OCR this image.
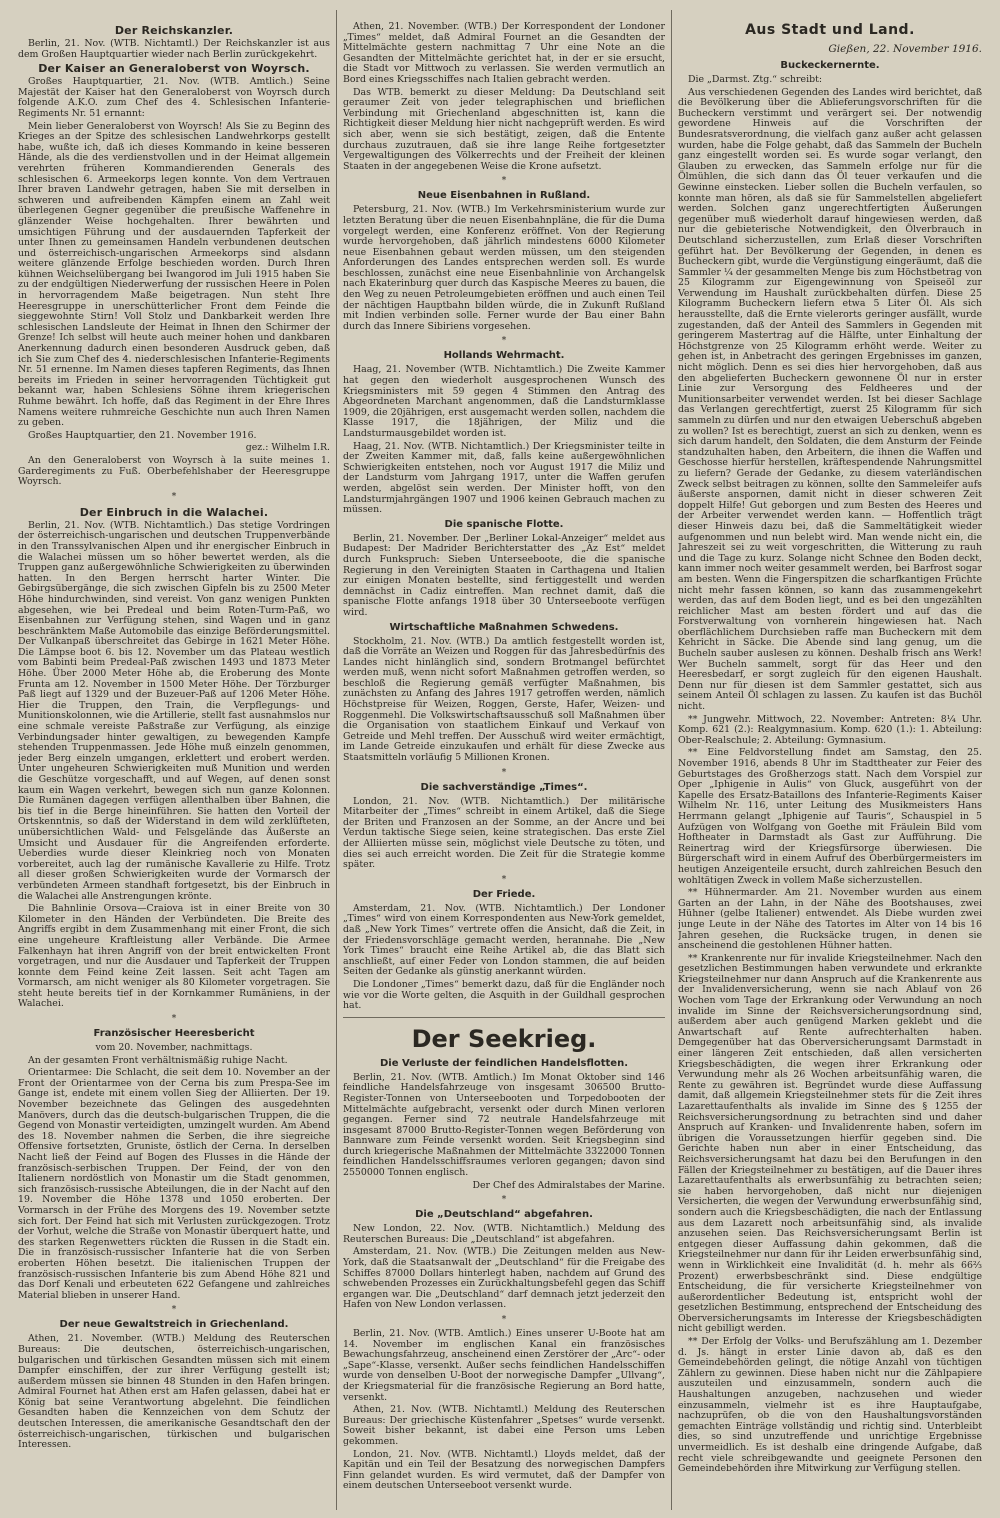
Der Reichskanzler.

Berlin, 21. Nov. (WTB. Nichtamtl.) Der Reichskanzler ist aus dem Großen Hauptquartier wieder nach Berlin zurückgekehrt.

Der Kaiser an Generaloberst von Woyrsch.

Großes Hauptquartier, 21. Nov. (WTB. Amtlich.) Seine Majestät der Kaiser hat den Generaloberst von Woyrsch durch folgende A.K.O. zum Chef des 4. Schlesischen Infanterie-Regiments Nr. 51 ernannt:

Mein lieber Generaloberst von Woyrsch! Als Sie zu Beginn des Krieges an der Spitze des schlesischen Landwehrkorps gestellt habe, wußte ich, daß ich dieses Kommando in keine besseren Hände, als die des verdienstvollen und in der Heimat allgemein verehrten früheren Kommandierenden Generals des schlesischen 6. Armeekorps legen konnte. Von dem Vertrauen Ihrer braven Landwehr getragen, haben Sie mit derselben in schweren und aufreibenden Kämpfen einem an Zahl weit überlegenen Gegner gegenüber die preußische Waffenehre in glänzender Weise hochgehalten. Ihrer bewährten und umsichtigen Führung und der ausdauernden Tapferkeit der unter Ihnen zu gemeinsamen Handeln verbundenen deutschen und österreichisch-ungarischen Armeekorps sind alsdann weitere glänzende Erfolge beschieden worden. Durch Ihren kühnen Weichselübergang bei Iwangorod im Juli 1915 haben Sie zu der endgültigen Niederwerfung der russischen Heere in Polen in hervorragendem Maße beigetragen. Nun steht Ihre Heeresgruppe in unerschütterlicher Front dem Feinde die sieggewohnte Stirn! Voll Stolz und Dankbarkeit werden Ihre schlesischen Landsleute der Heimat in Ihnen den Schirmer der Grenze! Ich selbst will heute auch meiner hohen und dankbaren Anerkennung dadurch einen besonderen Ausdruck geben, daß ich Sie zum Chef des 4. niederschlesischen Infanterie-Regiments Nr. 51 ernenne. Im Namen dieses tapferen Regiments, das Ihnen bereits im Frieden in seiner hervorragenden Tüchtigkeit gut bekannt war, haben Schlesiens Söhne ihrem kriegerischen Ruhme bewährt. Ich hoffe, daß das Regiment in der Ehre Ihres Namens weitere ruhmreiche Geschichte nun auch Ihren Namen zu geben.

Großes Hauptquartier, den 21. November 1916.

gez.: Wilhelm I.R.

An den Generaloberst von Woyrsch à la suite meines 1. Garderegiments zu Fuß. Oberbefehlshaber der Heeresgruppe Woyrsch.

*
Der Einbruch in die Walachei.

Berlin, 21. Nov. (WTB. Nichtamtlich.) Das stetige Vordringen der österreichisch-ungarischen und deutschen Truppenverbände in den Transsylvanischen Alpen und ihr energischer Einbruch in die Walachei müssen um so höher bewertet werden, als die Truppen ganz außergewöhnliche Schwierigkeiten zu überwinden hatten. In den Bergen herrscht harter Winter. Die Gebirgsübergänge, die sich zwischen Gipfeln bis zu 2500 Meter Höhe hindurchwinden, sind vereist. Von ganz wenigen Punkten abgesehen, wie bei Predeal und beim Roten-Turm-Paß, wo Eisenbahnen zur Verfügung stehen, sind Wagen und in ganz beschränktem Maße Automobile das einzige Beförderungsmittel. Der Vulkanpaß überschreitet das Gebirge in 1621 Meter Höhe. Die Lämpse boot 6. bis 12. November um das Plateau westlich vom Babinti beim Predeal-Paß zwischen 1493 und 1873 Meter Höhe. Über 2000 Meter Höhe ab, die Eroberung des Monte Frunta am 12. November in 1500 Meter Höhe. Der Törzburger Paß liegt auf 1329 und der Buzeuer-Paß auf 1206 Meter Höhe. Hier die Truppen, den Train, die Verpflegungs- und Munitionskolonnen, wie die Artillerie, stellt fast ausnahmslos nur eine schmale vereiste Paßstraße zur Verfügung, als einzige Verbindungsader hinter gewaltigen, zu bewegenden Kampfe stehenden Truppenmassen. Jede Höhe muß einzeln genommen, jeder Berg einzeln umgangen, erklettert und erobert werden. Unter ungeheuren Schwierigkeiten muß Munition und werden die Geschütze vorgeschafft, und auf Wegen, auf denen sonst kaum ein Wagen verkehrt, bewegen sich nun ganze Kolonnen. Die Rumänen dagegen verfügen allenthalben über Bahnen, die bis tief in die Berge hineinführen. Sie hatten den Vorteil der Ortskenntnis, so daß der Widerstand in dem wild zerklüfteten, unübersichtlichen Wald- und Felsgelände das Äußerste an Umsicht und Ausdauer für die Angreifenden erforderte. Ueberdies wurde dieser Kleinkrieg noch von Monaten vorbereitet, auch lag der rumänische Kavallerie zu Hilfe. Trotz all dieser großen Schwierigkeiten wurde der Vormarsch der verbündeten Armeen standhaft fortgesetzt, bis der Einbruch in die Walachei alle Anstrengungen krönte.

Die Bahnlinie Orsova—Craiova ist in einer Breite von 30 Kilometer in den Händen der Verbündeten. Die Breite des Angriffs ergibt in dem Zusammenhang mit einer Front, die sich eine ungeheure Kraftleistung aller Verbände. Die Armee Falkenhayn hat ihren Angriff von der breit entwickelten Front vorgetragen, und nur die Ausdauer und Tapferkeit der Truppen konnte dem Feind keine Zeit lassen. Seit acht Tagen am Vormarsch, am nicht weniger als 80 Kilometer vorgetragen. Sie steht heute bereits tief in der Kornkammer Rumäniens, in der Walachei.

*
Französischer Heeresbericht

vom 20. November, nachmittags.

An der gesamten Front verhältnismäßig ruhige Nacht.

Orientarmee: Die Schlacht, die seit dem 10. November an der Front der Orientarmee von der Cerna bis zum Prespa-See im Gange ist, endete mit einem vollen Sieg der Alliierten. Der 19. November bezeichnete das Gelingen des ausgedehnten Manövers, durch das die deutsch-bulgarischen Truppen, die die Gegend von Monastir verteidigten, umzingelt wurden. Am Abend des 18. November nahmen die Serben, die ihre siegreiche Offensive fortsetzten, Gruniste, östlich der Cerna. In derselben Nacht ließ der Feind auf Bogen des Flusses in die Hände der französisch-serbischen Truppen. Der Feind, der von den Italienern nordöstlich von Monastir um die Stadt genommen, sich französisch-russische Abteilungen, die in der Nacht auf den 19. November die Höhe 1378 und 1050 eroberten. Der Vormarsch in der Frühe des Morgens des 19. November setzte sich fort. Der Feind hat sich mit Verlusten zurückgezogen. Trotz der Vorhut, welche die Straße von Monastir überquert hatte, und des starken Regenwetters rückten die Russen in die Stadt ein. Die in französisch-russischer Infanterie hat die von Serben eroberten Höhen besetzt. Die italienischen Truppen der französisch-russischen Infanterie bis zum Abend Höhe 821 und das Dorf Kenali und erbeuteten 622 Gefangene und zahlreiches Material blieben in unserer Hand.

*
Der neue Gewaltstreich in Griechenland.

Athen, 21. November. (WTB.) Meldung des Reuterschen Bureaus: Die deutschen, österreichisch-ungarischen, bulgarischen und türkischen Gesandten müssen sich mit einem Dampfer einschiffen, der zur ihrer Verfügung gestellt ist; außerdem müssen sie binnen 48 Stunden in den Hafen bringen. Admiral Fournet hat Athen erst am Hafen gelassen, dabei hat er König bat seine Verantwortung abgelehnt. Die feindlichen Gesandten haben die Kennzeichen von dem Schutz der deutschen Interessen, die amerikanische Gesandtschaft den der österreichisch-ungarischen, türkischen und bulgarischen Interessen.

Athen, 21. November. (WTB.) Der Korrespondent der Londoner „Times“ meldet, daß Admiral Fournet an die Gesandten der Mittelmächte gestern nachmittag 7 Uhr eine Note an die Gesandten der Mittelmächte gerichtet hat, in der er sie ersucht, die Stadt vor Mittwoch zu verlassen. Sie werden vermutlich an Bord eines Kriegsschiffes nach Italien gebracht werden.

Das WTB. bemerkt zu dieser Meldung: Da Deutschland seit geraumer Zeit von jeder telegraphischen und brieflichen Verbindung mit Griechenland abgeschnitten ist, kann die Richtigkeit dieser Meldung hier nicht nachgeprüft werden. Es wird sich aber, wenn sie sich bestätigt, zeigen, daß die Entente durchaus zuzutrauen, daß sie ihre lange Reihe fortgesetzter Vergewaltigungen des Völkerrechts und der Freiheit der kleinen Staaten in der angegebenen Weise die Krone aufsetzt.

*
Neue Eisenbahnen in Rußland.

Petersburg, 21. Nov. (WTB.) Im Verkehrsministerium wurde zur letzten Beratung über die neuen Eisenbahnpläne, die für die Duma vorgelegt werden, eine Konferenz eröffnet. Von der Regierung wurde hervorgehoben, daß jährlich mindestens 6000 Kilometer neue Eisenbahnen gebaut werden müssen, um den steigenden Anforderungen des Landes entsprechen werden soll. Es wurde beschlossen, zunächst eine neue Eisenbahnlinie von Archangelsk nach Ekaterinburg quer durch das Kaspische Meeres zu bauen, die den Weg zu neuen Petroleumgebieten eröffnen und auch einen Teil der nächtigen Hauptbahn bilden würde, die in Zukunft Rußland mit Indien verbinden solle. Ferner wurde der Bau einer Bahn durch das Innere Sibiriens vorgesehen.

*
Hollands Wehrmacht.

Haag, 21. November (WTB. Nichtamtlich.) Die Zweite Kammer hat gegen den wiederholt ausgesprochenen Wunsch des Kriegsministers mit 59 gegen 4 Stimmen den Antrag des Abgeordneten Marchant angenommen, daß die Landsturmklasse 1909, die 20jährigen, erst ausgemacht werden sollen, nachdem die Klasse 1917, die 18jährigen, der Miliz und die Landsturmausgebildet worden ist.

Haag, 21. Nov. (WTB. Nichtamtlich.) Der Kriegsminister teilte in der Zweiten Kammer mit, daß, falls keine außergewöhnlichen Schwierigkeiten entstehen, noch vor August 1917 die Miliz und der Landsturm vom Jahrgang 1917, unter die Waffen gerufen werden, abgelöst sein werden. Der Minister hofft, von den Landsturmjahrgängen 1907 und 1906 keinen Gebrauch machen zu müssen.

Die spanische Flotte.

Berlin, 21. November. Der „Berliner Lokal-Anzeiger“ meldet aus Budapest: Der Madrider Berichterstatter des „Az Est“ meldet durch Funkspruch: Sieben Unterseeboote, die die spanische Regierung in den Vereinigten Staaten in Carthagena und Italien zur einigen Monaten bestellte, sind fertiggestellt und werden demnächst in Cadiz eintreffen. Man rechnet damit, daß die spanische Flotte anfangs 1918 über 30 Unterseeboote verfügen wird.

Wirtschaftliche Maßnahmen Schwedens.

Stockholm, 21. Nov. (WTB.) Da amtlich festgestellt worden ist, daß die Vorräte an Weizen und Roggen für das Jahresbedürfnis des Landes nicht hinlänglich sind, sondern Brotmangel befürchtet werden muß, wenn nicht sofort Maßnahmen getroffen werden, so beschloß die Regierung gemäß verfügter Maßnahmen, bis zunächsten zu Anfang des Jahres 1917 getroffen werden, nämlich Höchstpreise für Weizen, Roggen, Gerste, Hafer, Weizen- und Roggenmehl. Die Volkswirtschaftsausschuß soll Maßnahmen über die Organisation von staatlichem Einkauf und Verkauf von Getreide und Mehl treffen. Der Ausschuß wird weiter ermächtigt, im Lande Getreide einzukaufen und erhält für diese Zwecke aus Staatsmitteln vorläufig 5 Millionen Kronen.

*
Die sachverständige „Times“.

London, 21. Nov. (WTB. Nichtamtlich.) Der militärische Mitarbeiter der „Times“ schreibt in einem Artikel, daß die Siege der Briten und Franzosen an der Somme, an der Ancre und bei Verdun taktische Siege seien, keine strategischen. Das erste Ziel der Alliierten müsse sein, möglichst viele Deutsche zu töten, und dies sei auch erreicht worden. Die Zeit für die Strategie komme später.

*
Der Friede.

Amsterdam, 21. Nov. (WTB. Nichtamtlich.) Der Londoner „Times“ wird von einem Korrespondenten aus New-York gemeldet, daß „New York Times“ vertrete offen die Ansicht, daß die Zeit, in der Friedensvorschläge gemacht werden, herannahe. Die „New York Times“ braucht eine Reihe Artikel ab, die das Blatt sich anschließt, auf einer Feder von London stammen, die auf beiden Seiten der Gedanke als günstig anerkannt würden.

Die Londoner „Times“ bemerkt dazu, daß für die Engländer noch wie vor die Worte gelten, die Asquith in der Guildhall gesprochen hat.

Der Seekrieg.
Die Verluste der feindlichen Handelsflotten.

Berlin, 21. Nov. (WTB. Amtlich.) Im Monat Oktober sind 146 feindliche Handelsfahrzeuge von insgesamt 306500 Brutto-Register-Tonnen von Unterseebooten und Torpedobooten der Mittelmächte aufgebracht, versenkt oder durch Minen verloren gegangen. Ferner sind 72 neutrale Handelsfahrzeuge mit insgesamt 87000 Brutto-Register-Tonnen wegen Beförderung von Bannware zum Feinde versenkt worden. Seit Kriegsbeginn sind durch kriegerische Maßnahmen der Mittelmächte 3322000 Tonnen feindlichen Handelsschiffsraumes verloren gegangen; davon sind 2550000 Tonnen englisch.

Der Chef des Admiralstabes der Marine.

*
Die „Deutschland“ abgefahren.

New London, 22. Nov. (WTB. Nichtamtlich.) Meldung des Reuterschen Bureaus: Die „Deutschland“ ist abgefahren.

Amsterdam, 21. Nov. (WTB.) Die Zeitungen melden aus New-York, daß die Staatsanwalt der „Deutschland“ für die Freigabe des Schiffes 87000 Dollars hinterlegt haben, nachdem auf Grund des schwebenden Prozesses ein Zurückhaltungsbefehl gegen das Schiff ergangen war. Die „Deutschland“ darf demnach jetzt jederzeit den Hafen von New London verlassen.

*

Berlin, 21. Nov. (WTB. Amtlich.) Eines unserer U-Boote hat am 14. November im englischen Kanal ein französisches Bewachungsfahrzeug, anscheinend einen Zerstörer der „Arc“- oder „Sape“-Klasse, versenkt. Außer sechs feindlichen Handelsschiffen wurde von denselben U-Boot der norwegische Dampfer „Ullvang“, der Kriegsmaterial für die französische Regierung an Bord hatte, versenkt.

Athen, 21. Nov. (WTB. Nichtamtl.) Meldung des Reuterschen Bureaus: Der griechische Küstenfahrer „Spetses“ wurde versenkt. Soweit bisher bekannt, ist dabei eine Person ums Leben gekommen.

London, 21. Nov. (WTB. Nichtamtl.) Lloyds meldet, daß der Kapitän und ein Teil der Besatzung des norwegischen Dampfers Finn gelandet wurden. Es wird vermutet, daß der Dampfer von einem deutschen Unterseeboot versenkt wurde.

Aus Stadt und Land.
Gießen, 22. November 1916.
Buckeckernernte.

Die „Darmst. Ztg.“ schreibt:

Aus verschiedenen Gegenden des Landes wird berichtet, daß die Bevölkerung über die Ablieferungsvorschriften für die Bucheckern verstimmt und verärgert sei. Der notwendig gewordene Hinweis auf die Vorschriften der Bundesratsverordnung, die vielfach ganz außer acht gelassen wurden, habe die Folge gehabt, daß das Sammeln der Bucheln ganz eingestellt worden sei. Es wurde sogar verlangt, den Glauben zu erwecken, das Sammeln erfolge nur für die Ölmühlen, die sich dann das Öl teuer verkaufen und die Gewinne einstecken. Lieber sollen die Bucheln verfaulen, so konnte man hören, als daß sie für Sammelstellen abgeliefert werden. Solchen ganz ungerechtfertigten Äußerungen gegenüber muß wiederholt darauf hingewiesen werden, daß nur die gebieterische Notwendigkeit, den Ölverbrauch in Deutschland sicherzustellen, zum Erlaß dieser Vorschriften geführt hat. Der Bevölkerung der Gegenden, in denen es Bucheckern gibt, wurde die Vergünstigung eingeräumt, daß die Sammler ¼ der gesammelten Menge bis zum Höchstbetrag von 25 Kilogramm zur Eigengewinnung von Speiseöl zur Verwendung im Haushalt zurückbehalten dürfen. Diese 25 Kilogramm Bucheckern liefern etwa 5 Liter Öl. Als sich herausstellte, daß die Ernte vielerorts geringer ausfällt, wurde zugestanden, daß der Anteil des Sammlers in Gegenden mit geringerem Mastertrag auf die Hälfte, unter Einhaltung der Höchstgrenze von 25 Kilogramm erhöht werde. Weiter zu gehen ist, in Anbetracht des geringen Ergebnisses im ganzen, nicht möglich. Denn es sei dies hier hervorgehoben, daß aus den abgelieferten Bucheckern gewonnene Öl nur in erster Linie zur Versorgung des Feldheeres und der Munitionsarbeiter verwendet werden. Ist bei dieser Sachlage das Verlangen gerechtfertigt, zuerst 25 Kilogramm für sich sammeln zu dürfen und nur den etwaigen Ueberschuß abgeben zu wollen? Ist es berechtigt, zuerst an sich zu denken, wenn es sich darum handelt, den Soldaten, die dem Ansturm der Feinde standzuhalten haben, den Arbeitern, die ihnen die Waffen und Geschosse hierfür herstellen, kräftespendende Nahrungsmittel zu liefern? Gerade der Gedanke, zu diesem vaterländischen Zweck selbst beitragen zu können, sollte den Sammeleifer aufs äußerste anspornen, damit nicht in dieser schweren Zeit doppelt Hilfe! Gut geborgen und zum Besten des Heeres und der Arbeiter verwendet werden kann. — Hoffentlich trägt dieser Hinweis dazu bei, daß die Sammeltätigkeit wieder aufgenommen und nun belebt wird. Man wende nicht ein, die Jahreszeit sei zu weit vorgeschritten, die Witterung zu rauh und die Tage zu kurz. Solange nicht Schnee den Boden deckt, kann immer noch weiter gesammelt werden, bei Barfrost sogar am besten. Wenn die Fingerspitzen die scharfkantigen Früchte nicht mehr fassen können, so kann das zusammengekehrt werden, das auf dem Boden liegt, und es bei den ungezählten reichlicher Mast am besten fördert und auf das die Forstverwaltung von vornherein hingewiesen hat. Nach oberflächlichem Durchsieben raffe man Bucheckern mit dem Kehricht in Säcke. Die Abende sind lang genug, um die Bucheln sauber auslesen zu können. Deshalb frisch ans Werk! Wer Bucheln sammelt, sorgt für das Heer und den Heeresbedarf, er sorgt zugleich für den eigenen Haushalt. Denn nur für diesen ist dem Sammler gestattet, sich aus seinem Anteil Öl schlagen zu lassen. Zu kaufen ist das Buchöl nicht.

** Jungwehr. Mittwoch, 22. November: Antreten: 8¼ Uhr. Komp. 621 (2.): Realgymnasium. Komp. 620 (1.): 1. Abteilung: Ober-Realschule; 2. Abteilung: Gymnasium.

** Eine Feldvorstellung findet am Samstag, den 25. November 1916, abends 8 Uhr im Stadttheater zur Feier des Geburtstages des Großherzogs statt. Nach dem Vorspiel zur Oper „Iphigenie in Aulis“ von Gluck, ausgeführt von der Kapelle des Ersatz-Bataillons des Infanterie-Regiments Kaiser Wilhelm Nr. 116, unter Leitung des Musikmeisters Hans Herrmann gelangt „Iphigenie auf Tauris“, Schauspiel in 5 Aufzügen von Wolfgang von Goethe mit Fräulein Bild vom Hoftheater in Darmstadt als Gast zur Aufführung. Die Reinertrag wird der Kriegsfürsorge überwiesen. Die Bürgerschaft wird in einem Aufruf des Oberbürgermeisters im heutigen Anzeigenteile ersucht, durch zahlreichen Besuch den wohltätigen Zweck in vollem Maße sicherzustellen.

** Hühnermarder. Am 21. November wurden aus einem Garten an der Lahn, in der Nähe des Bootshauses, zwei Hühner (gelbe Italiener) entwendet. Als Diebe wurden zwei junge Leute in der Nähe des Tatortes im Alter von 14 bis 16 Jahren gesehen, die Rucksäcke trugen, in denen sie anscheinend die gestohlenen Hühner hatten.

** Krankenrente nur für invalide Kriegsteilnehmer. Nach den gesetzlichen Bestimmungen haben verwundete und erkrankte Kriegsteilnehmer nur dann Anspruch auf die Krankenrente aus der Invalidenversicherung, wenn sie nach Ablauf von 26 Wochen vom Tage der Erkrankung oder Verwundung an noch invalide im Sinne der Reichsversicherungsordnung sind, außerdem aber auch genügend Marken geklebt und die Anwartschaft auf Rente aufrechterhalten haben. Demgegenüber hat das Oberversicherungsamt Darmstadt in einer längeren Zeit entschieden, daß allen versicherten Kriegsbeschädigten, die wegen ihrer Erkrankung oder Verwundung mehr als 26 Wochen arbeitsunfähig waren, die Rente zu gewähren ist. Begründet wurde diese Auffassung damit, daß allgemein Kriegsteilnehmer stets für die Zeit ihres Lazarettaufenthalts als invalide im Sinne des § 1255 der Reichsversicherungsordnung zu betrachten sind und daher Anspruch auf Kranken- und Invalidenrente haben, sofern im übrigen die Voraussetzungen hierfür gegeben sind. Die Gerichte haben nun aber in einer Entscheidung, das Reichsversicherungsamt hat dazu bei den Berufungen in den Fällen der Kriegsteilnehmer zu bestätigen, auf die Dauer ihres Lazarettaufenthalts als erwerbsunfähig zu betrachten seien; sie haben hervorgehoben, daß nicht nur diejenigen Versicherten, die wegen der Verwundung erwerbsunfähig sind, sondern auch die Kriegsbeschädigten, die nach der Entlassung aus dem Lazarett noch arbeitsunfähig sind, als invalide anzusehen seien. Das Reichsversicherungsamt Berlin ist entgegen dieser Auffassung dahin gekommen, daß die Kriegsteilnehmer nur dann für ihr Leiden erwerbsunfähig sind, wenn in Wirklichkeit eine Invalidität (d. h. mehr als 66⅔ Prozent) erwerbsbeschränkt sind. Diese endgültige Entscheidung, die für versicherte Kriegsteilnehmer von außerordentlicher Bedeutung ist, entspricht wohl der gesetzlichen Bestimmung, entsprechend der Entscheidung des Oberversicherungsamts im Interesse der Kriegsbeschädigten nicht gebilligt werden.

** Der Erfolg der Volks- und Berufszählung am 1. Dezember d. Js. hängt in erster Linie davon ab, daß es den Gemeindebehörden gelingt, die nötige Anzahl von tüchtigen Zählern zu gewinnen. Diese haben nicht nur die Zählpapiere auszuteilen und einzusammeln, sondern auch die Haushaltungen anzugeben, nachzusehen und wieder einzusammeln, vielmehr ist es ihre Hauptaufgabe, nachzuprüfen, ob die von den Haushaltungsvorständen gemachten Einträge vollständig und richtig sind. Unterbleibt dies, so sind unzutreffende und unrichtige Ergebnisse unvermeidlich. Es ist deshalb eine dringende Aufgabe, daß recht viele schreibgewandte und geeignete Personen den Gemeindebehörden ihre Mitwirkung zur Verfügung stellen.
